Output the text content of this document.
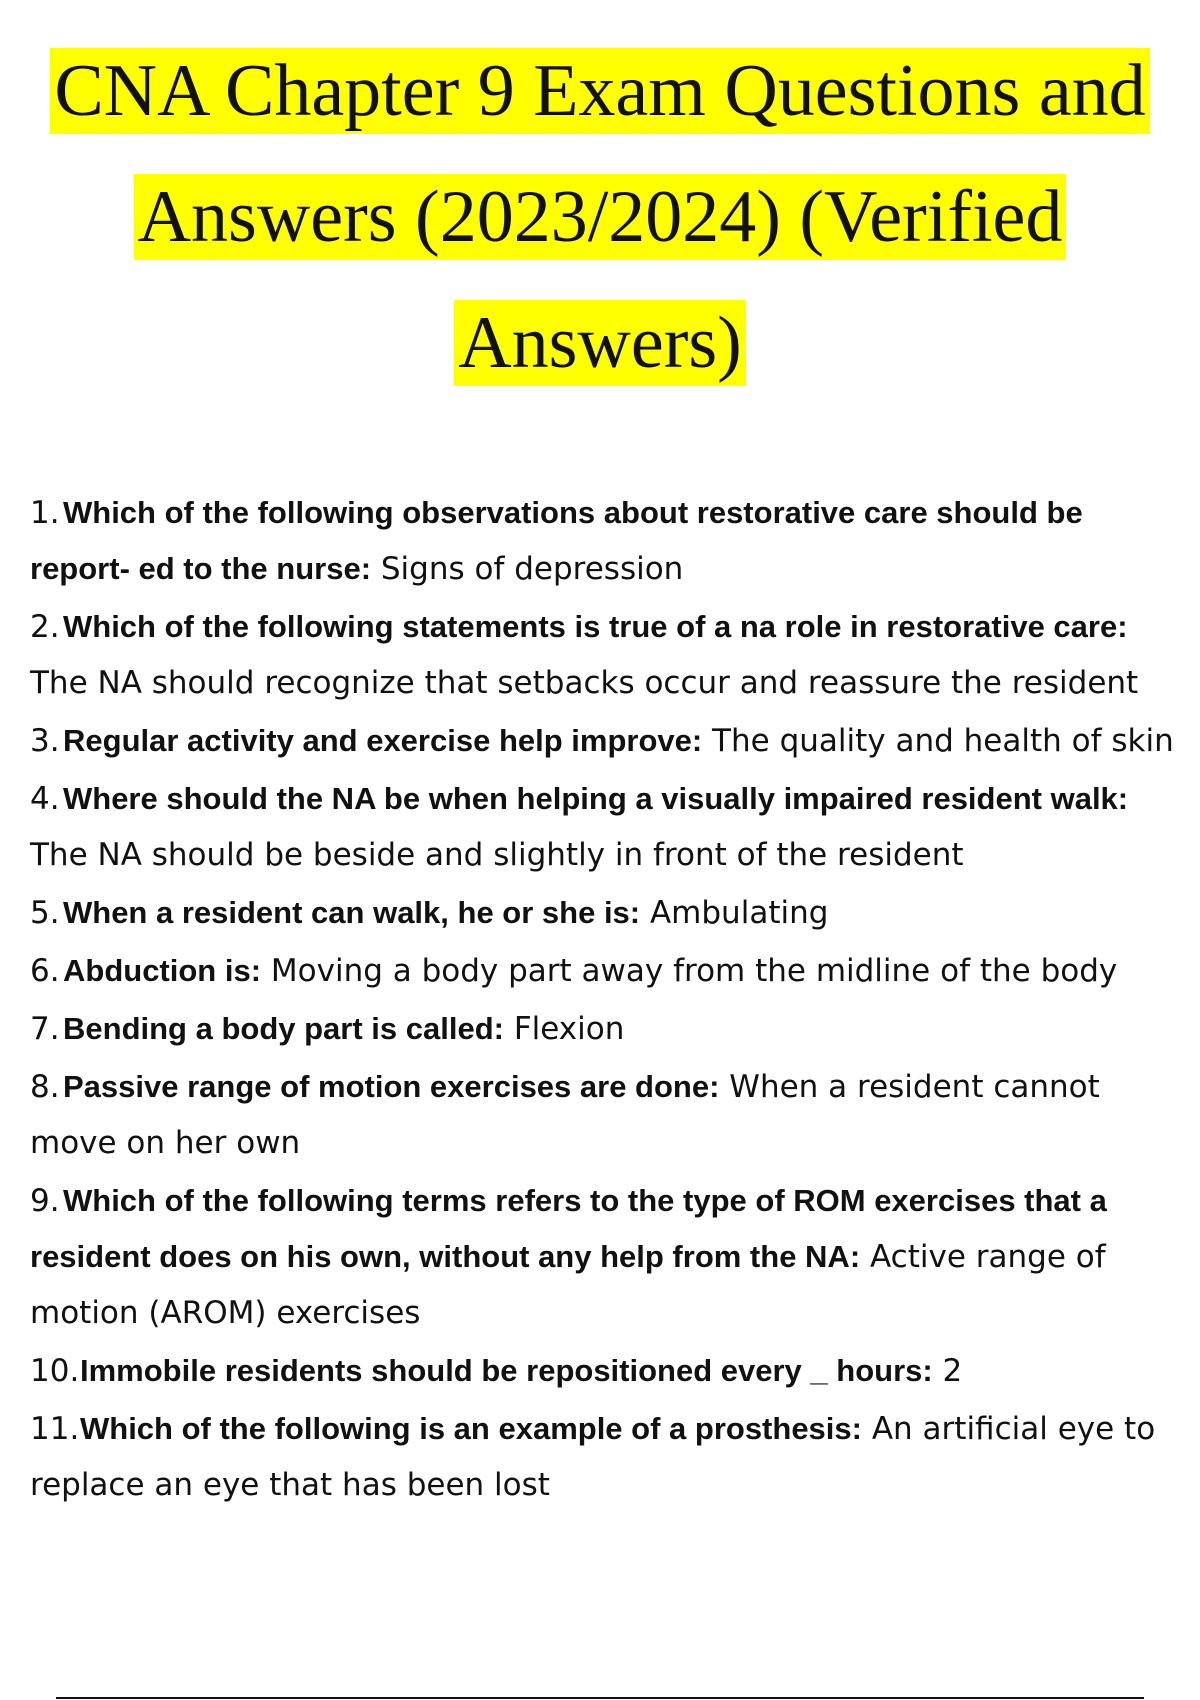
CNA Chapter 9 Exam Questions and
Answers (2023/2024) (Verified
Answers)
1. Which of the following observations about restorative care should be report- ed to the nurse: Signs of depression
2. Which of the following statements is true of a na role in restorative care: The NA should recognize that setbacks occur and reassure the resident
3. Regular activity and exercise help improve: The quality and health of skin
4. Where should the NA be when helping a visually impaired resident walk: The NA should be beside and slightly in front of the resident
5. When a resident can walk, he or she is: Ambulating
6. Abduction is: Moving a body part away from the midline of the body
7. Bending a body part is called: Flexion
8. Passive range of motion exercises are done: When a resident cannot move on her own
9. Which of the following terms refers to the type of ROM exercises that a resident does on his own, without any help from the NA: Active range of motion (AROM) exercises
10.Immobile residents should be repositioned every _ hours: 2
11.Which of the following is an example of a prosthesis: An artificial eye to replace an eye that has been lost
